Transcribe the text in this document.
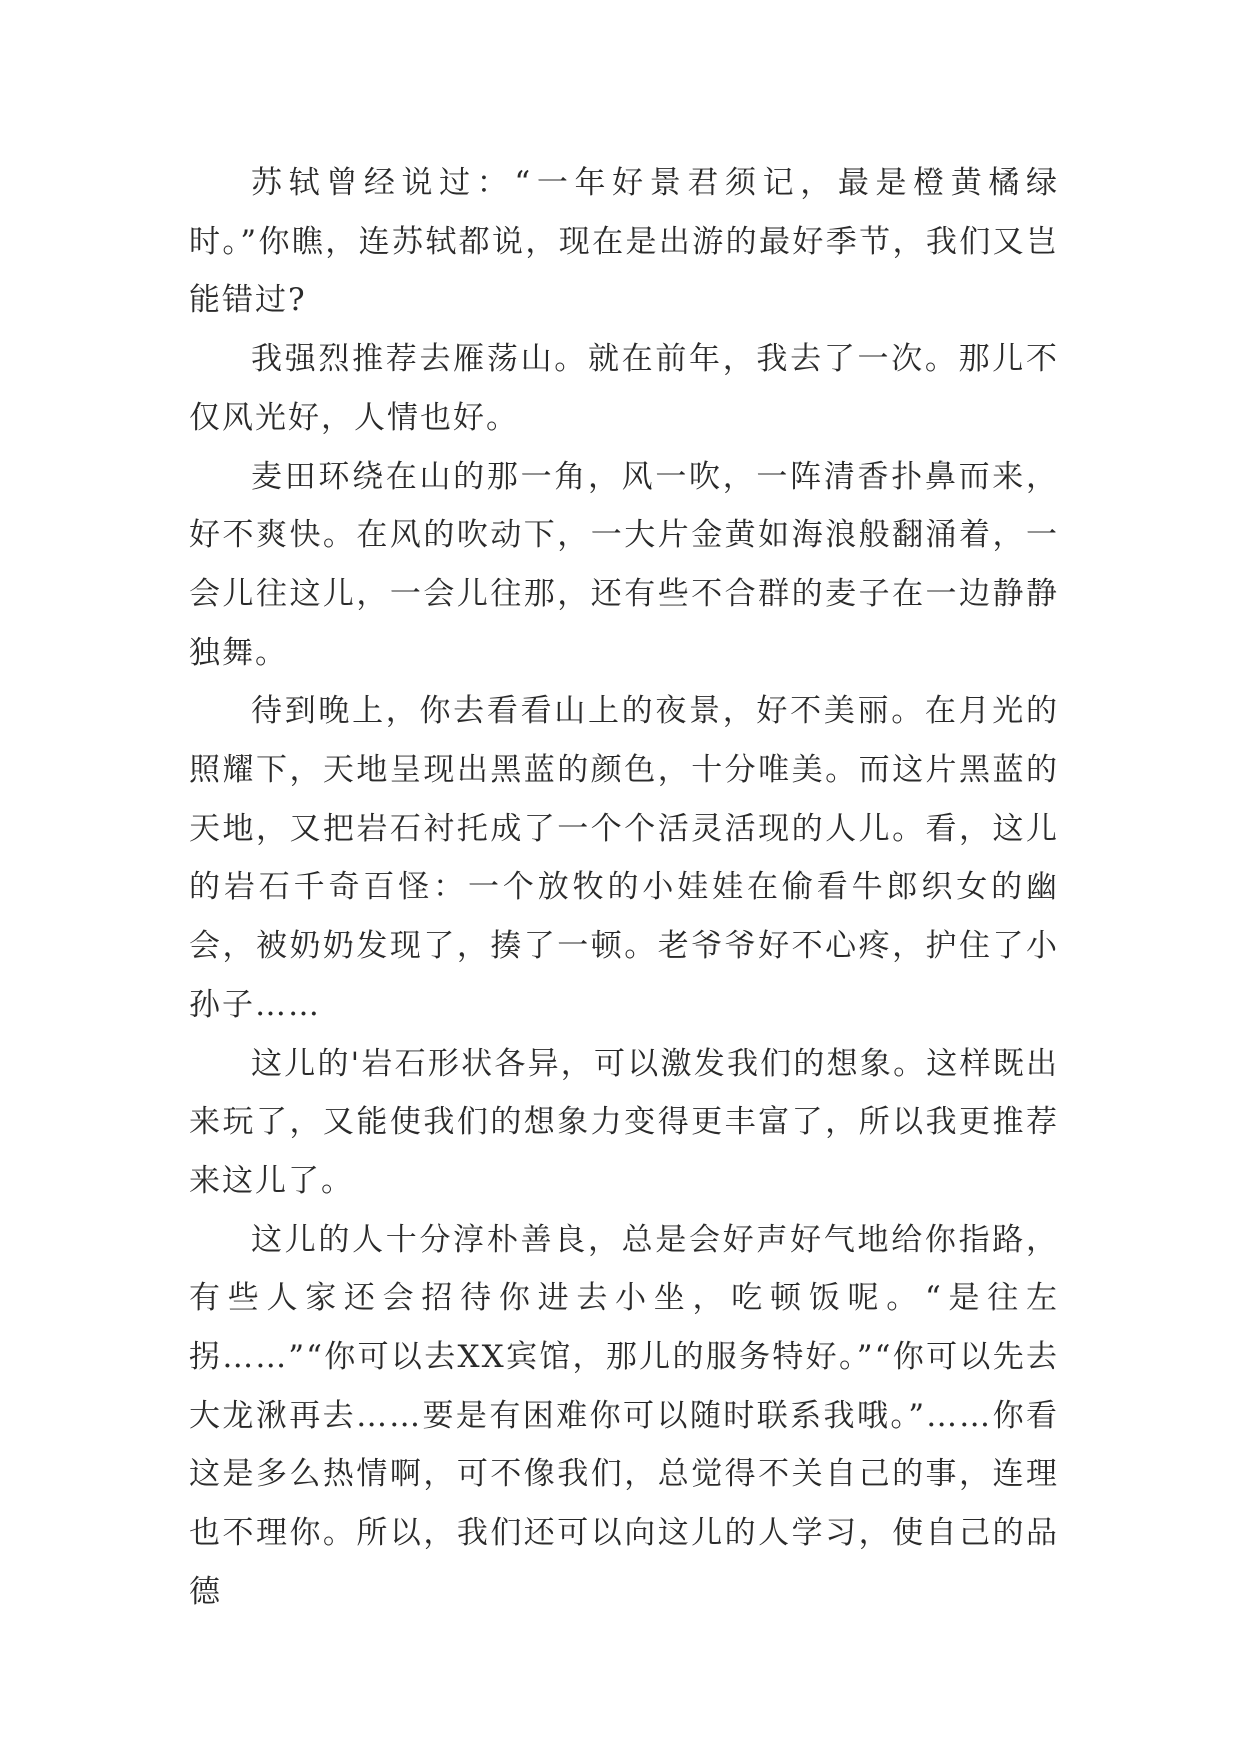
苏轼曾经说过：“一年好景君须记，最是橙黄橘绿时。”你瞧，连苏轼都说，现在是出游的最好季节，我们又岂能错过?

我强烈推荐去雁荡山。就在前年，我去了一次。那儿不仅风光好，人情也好。

麦田环绕在山的那一角，风一吹，一阵清香扑鼻而来，好不爽快。在风的吹动下，一大片金黄如海浪般翻涌着，一会儿往这儿，一会儿往那，还有些不合群的麦子在一边静静独舞。

待到晚上，你去看看山上的夜景，好不美丽。在月光的照耀下，天地呈现出黑蓝的颜色，十分唯美。而这片黑蓝的天地，又把岩石衬托成了一个个活灵活现的人儿。看，这儿的岩石千奇百怪：一个放牧的小娃娃在偷看牛郎织女的幽会，被奶奶发现了，揍了一顿。老爷爷好不心疼，护住了小孙子……

这儿的'岩石形状各异，可以激发我们的想象。这样既出来玩了，又能使我们的想象力变得更丰富了，所以我更推荐来这儿了。

这儿的人十分淳朴善良，总是会好声好气地给你指路，有些人家还会招待你进去小坐，吃顿饭呢。“是往左拐……”“你可以去XX宾馆，那儿的服务特好。”“你可以先去大龙湫再去……要是有困难你可以随时联系我哦。”……你看这是多么热情啊，可不像我们，总觉得不关自己的事，连理也不理你。所以，我们还可以向这儿的人学习，使自己的品德
